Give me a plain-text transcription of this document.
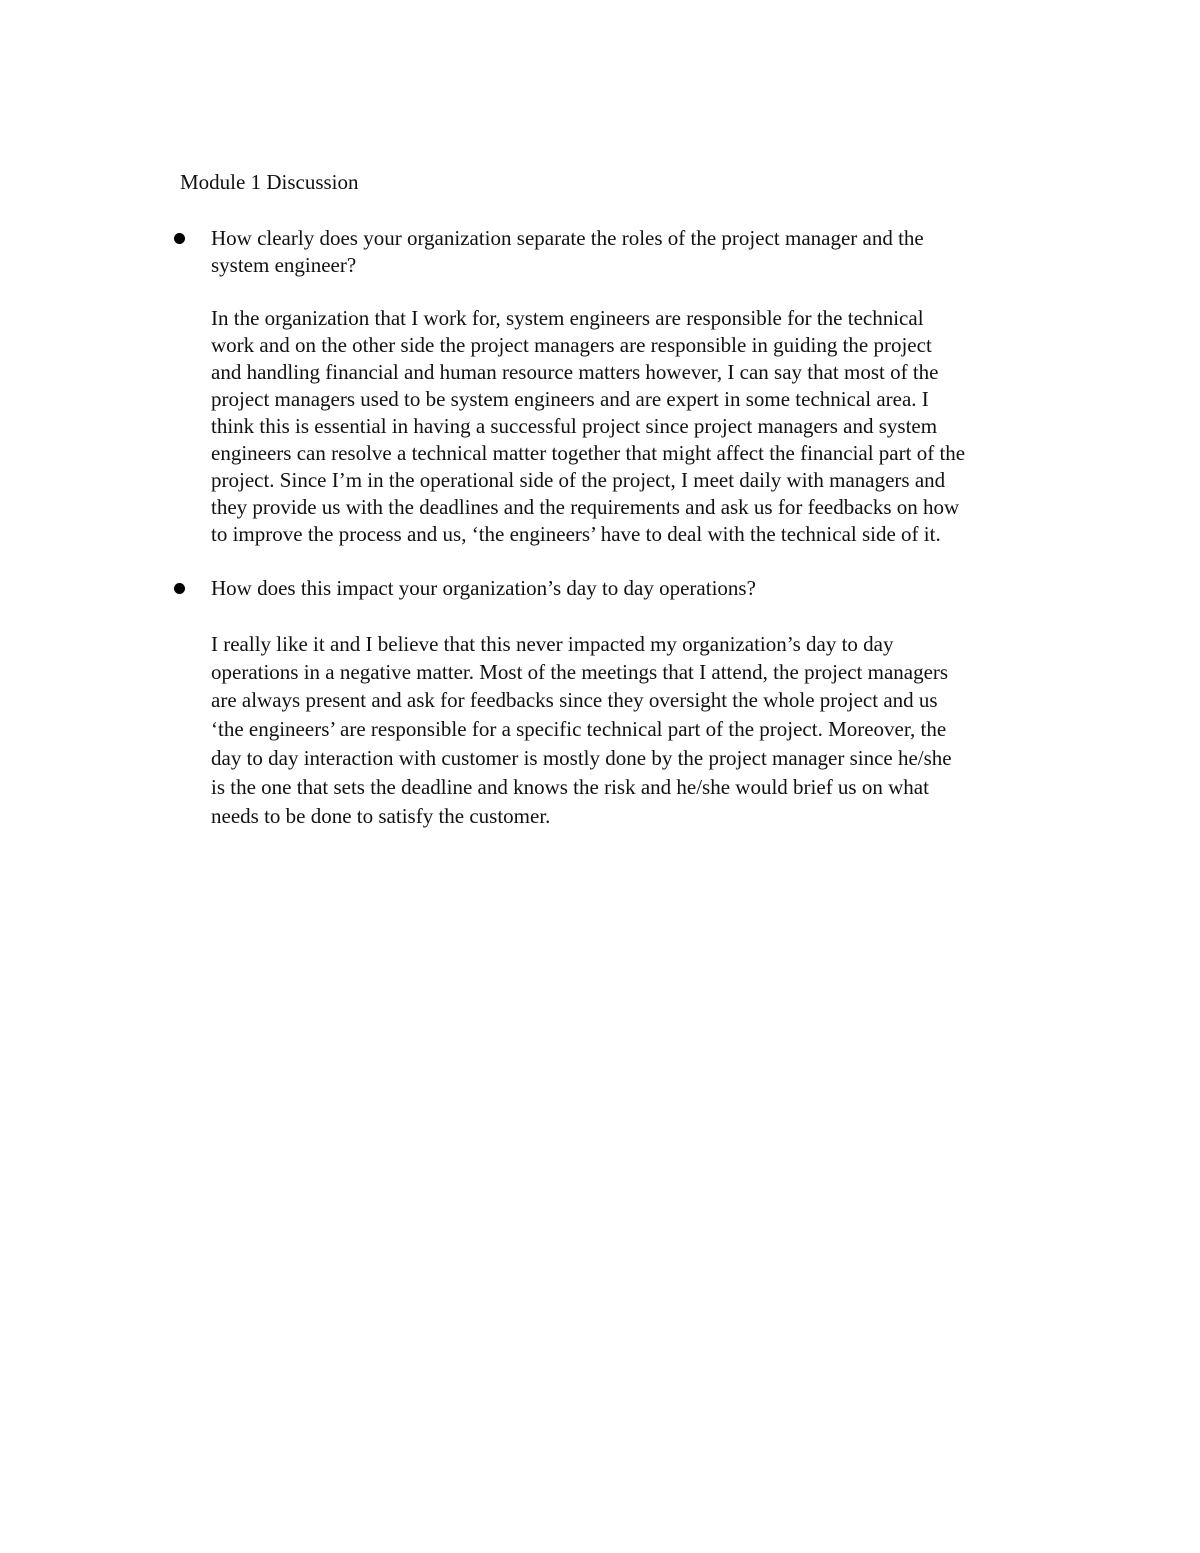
Module 1 Discussion
How clearly does your organization separate the roles of the project manager and the
system engineer?
In the organization that I work for, system engineers are responsible for the technical
work and on the other side the project managers are responsible in guiding the project
and handling financial and human resource matters however, I can say that most of the
project managers used to be system engineers and are expert in some technical area. I
think this is essential in having a successful project since project managers and system
engineers can resolve a technical matter together that might affect the financial part of the
project. Since I’m in the operational side of the project, I meet daily with managers and
they provide us with the deadlines and the requirements and ask us for feedbacks on how
to improve the process and us, ‘the engineers’ have to deal with the technical side of it.
How does this impact your organization’s day to day operations?
I really like it and I believe that this never impacted my organization’s day to day
operations in a negative matter. Most of the meetings that I attend, the project managers
are always present and ask for feedbacks since they oversight the whole project and us
‘the engineers’ are responsible for a specific technical part of the project. Moreover, the
day to day interaction with customer is mostly done by the project manager since he/she
is the one that sets the deadline and knows the risk and he/she would brief us on what
needs to be done to satisfy the customer.
